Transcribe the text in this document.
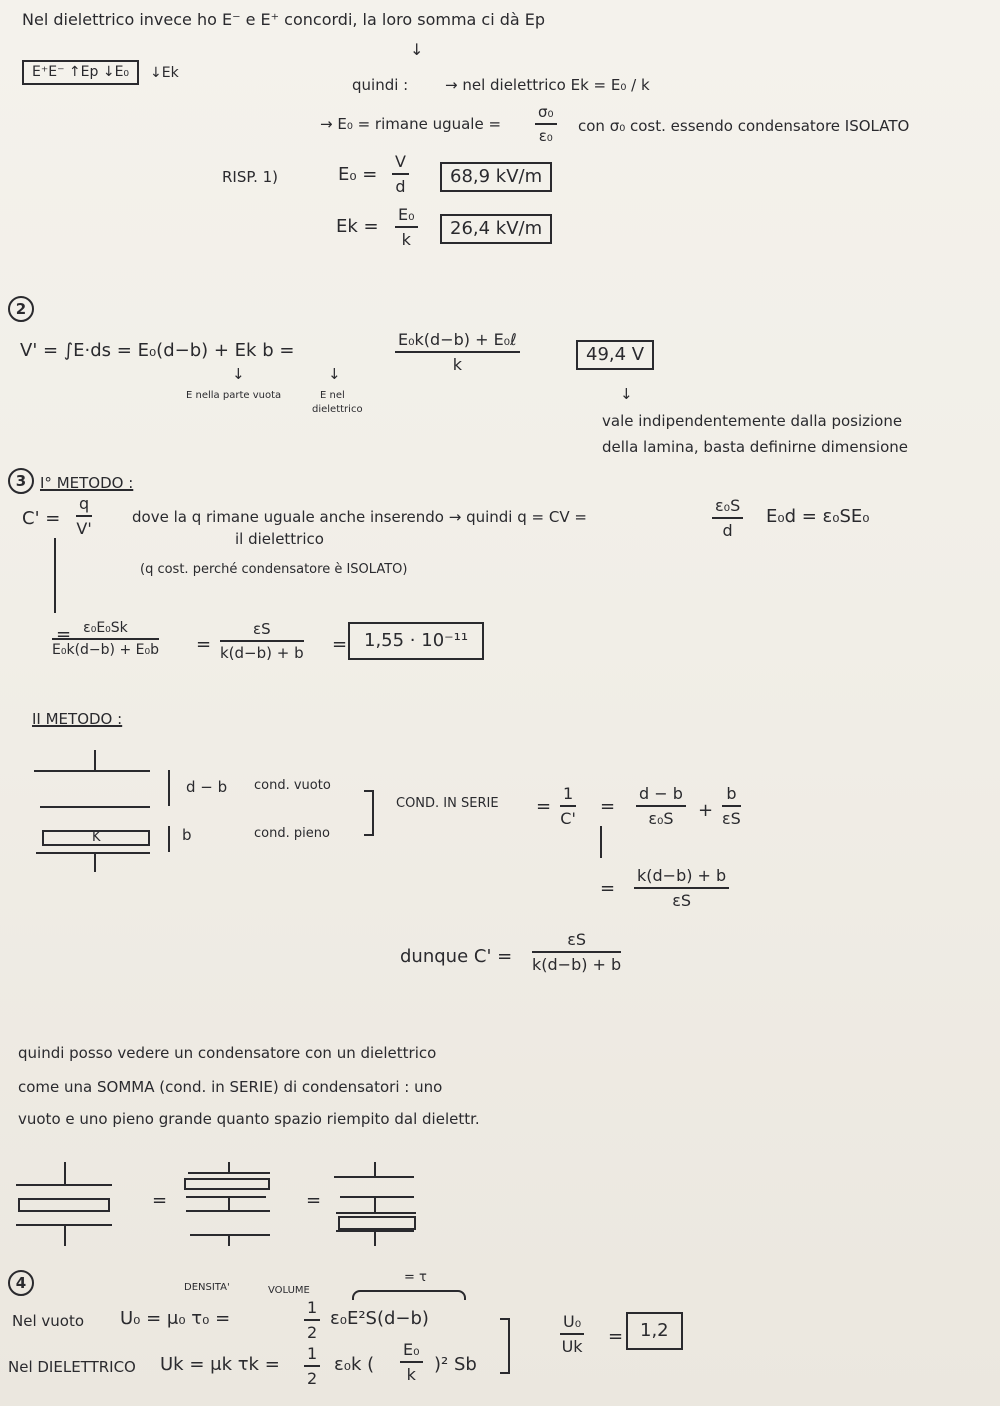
Nel dielettrico invece ho E⁻ e E⁺ concordi, la loro somma ci dà Ep
↓
E⁺E⁻ ↑Ep ↓E₀	↓Ek
quindi : → nel dielettrico Ek = E₀ / k
→ E₀ = rimane uguale = $\frac{\text{σ₀}}{\text{ε₀}}$ con σ₀ cost. essendo condensatore ISOLATO
RISP. 1)	$E_0 = \frac{V}{d}$	68,9 kV/m
$Ek = \frac{\text{E₀}}{k}$	26,4 kV/m
2
V' = ∫E·ds = E₀(d−b) + Ek b =
E₀k(d−b) + E₀ℓ
k	49,4 V
↓	↓
E nella parte vuota	E nel
dielettrico
↓
vale indipendentemente dalla posizione
della lamina, basta definirne dimensione
3 I° METODO :
$C' = \frac{q}{V'}$	dove la q rimane uguale anche inserendo → quindi q = CV =
il dielettrico	$\frac{\text{ε₀S}}{d} E_0d = \varepsilon_0SE_0$
(q cost. perché condensatore è ISOLATO)
=
$\frac{\text{ε₀E₀Sk}}{\text{E₀k(d−b) + E₀b}} = \frac{\varepsilon S}{k(d-b) + b} = 1,55 \cdot 10^{-11}$
II METODO :
K
d − b
b
cond. vuoto
cond. pieno
COND. IN SERIE = $\frac{1}{C'} = \frac{d - b}{\text{ε₀S}} + \frac{b}{\varepsilon S}$
= $\frac{k(d-b) + b}{\varepsilon S}$
dunque $C' = \frac{\varepsilon S}{k(d-b) + b}$
quindi posso vedere un condensatore con un dielettrico
come una SOMMA (cond. in SERIE) di condensatori : uno
vuoto e uno pieno grande quanto spazio riempito dal dielettr.
=	=
4	DENSITA'	VOLUME
= τ
Nel vuoto U₀ = μ₀ τ₀ =	$\frac{1}{2} \varepsilon_0E^2S(d-b)$
Nel DIELETTRICO Uk = μk $\tau k = \frac{1}{2} \varepsilon_0k$ ( $\frac{\text{E₀}}{k} )^2$ Sb
$\frac{\text{U₀}}{Uk} = 1,2$
